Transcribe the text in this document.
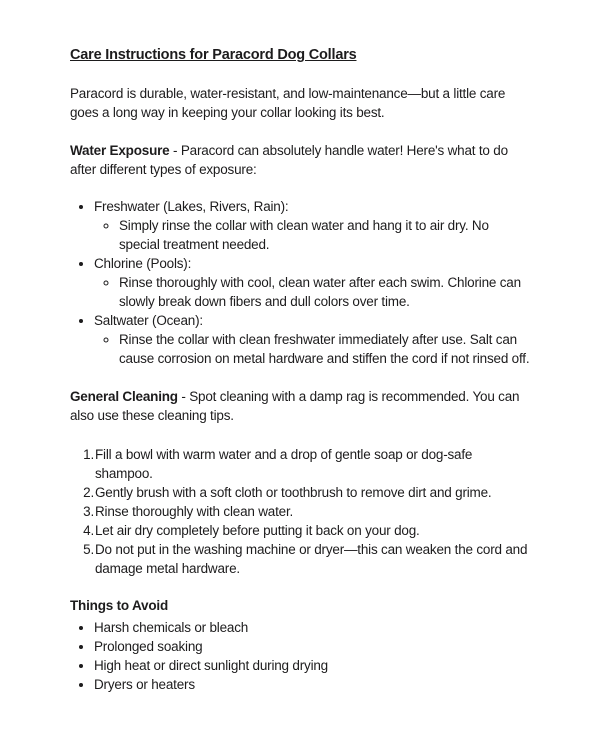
Care Instructions for Paracord Dog Collars

Paracord is durable, water-resistant, and low-maintenance—but a little care goes a long way in keeping your collar looking its best.

Water Exposure - Paracord can absolutely handle water! Here's what to do after different types of exposure:

• Freshwater (Lakes, Rivers, Rain):
◦ Simply rinse the collar with clean water and hang it to air dry. No special treatment needed.
• Chlorine (Pools):
◦ Rinse thoroughly with cool, clean water after each swim. Chlorine can slowly break down fibers and dull colors over time.
• Saltwater (Ocean):
◦ Rinse the collar with clean freshwater immediately after use. Salt can cause corrosion on metal hardware and stiffen the cord if not rinsed off.

General Cleaning - Spot cleaning with a damp rag is recommended. You can also use these cleaning tips.

Fill a bowl with warm water and a drop of gentle soap or dog-safe shampoo.
Gently brush with a soft cloth or toothbrush to remove dirt and grime.
Rinse thoroughly with clean water.
Let air dry completely before putting it back on your dog.
Do not put in the washing machine or dryer—this can weaken the cord and damage metal hardware.
Things to Avoid
• Harsh chemicals or bleach
• Prolonged soaking
• High heat or direct sunlight during drying
• Dryers or heaters
